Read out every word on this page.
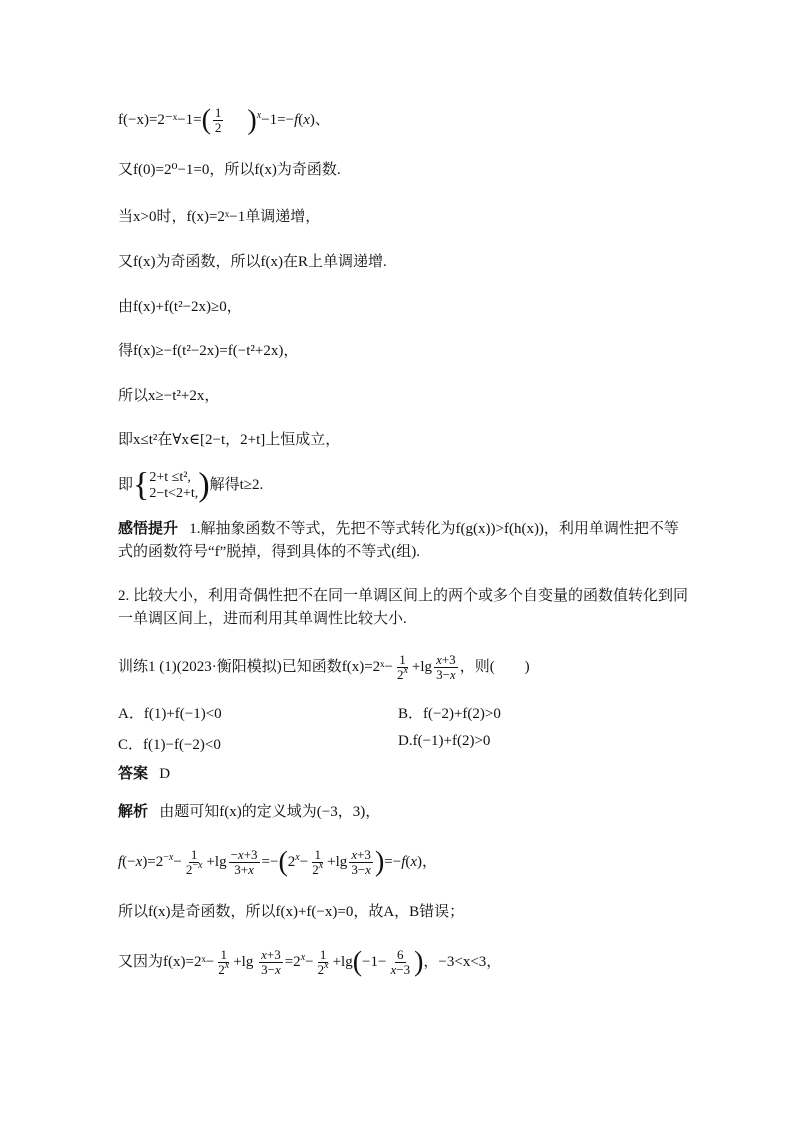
f(−x)=2⁻ˣ−1=( $\frac{1}{2} )^x-1=-f(x)$、
又f(0)=2⁰−1=0，所以f(x)为奇函数.
当x>0时，f(x)=2ˣ−1单调递增，
又f(x)为奇函数，所以f(x)在R上单调递增.
由f(x)+f(t²−2x)≥0，
得f(x)≥−f(t²−2x)=f(−t²+2x)，
所以x≥−t²+2x，
即x≤t²在∀x∈[2−t，2+t]上恒成立，
即{ 2+t ≤t²,
2−t<2+t, )解得t≥2.
感悟提升 1.解抽象函数不等式，先把不等式转化为f(g(x))>f(h(x))，利用单调性把不等式的函数符号“f”脱掉，得到具体的不等式(组).
2. 比较大小，利用奇偶性把不在同一单调区间上的两个或多个自变量的函数值转化到同一单调区间上，进而利用其单调性比较大小.
训练1 (1)(2023·衡阳模拟)已知函数f(x)=2ˣ− $\frac{1}{2^x} +\lg \frac{x+3}{3-x}$ ，则(　　)
A．f(1)+f(−1)<0	B．f(−2)+f(2)>0
C．f(1)−f(−2)<0	D.f(−1)+f(2)>0
答案 D
解析 由题可知f(x)的定义域为(−3，3)，
$f(-x)=2^{-x}- \frac{1}{2^{-x}} +\lg \frac{-x+3}{3+x} =-(2^x- \frac{1}{2^x} +\lg \frac{x+3}{3-x} )=-f(x)$，
所以f(x)是奇函数，所以f(x)+f(−x)=0，故A，B错误；
又因为f(x)=2ˣ− $\frac{1}{2^x} +\lg \frac{x+3}{3-x} =2^x- \frac{1}{2^x} +\lg(-1- \frac{6}{x-3}$ )，−3<x<3，
